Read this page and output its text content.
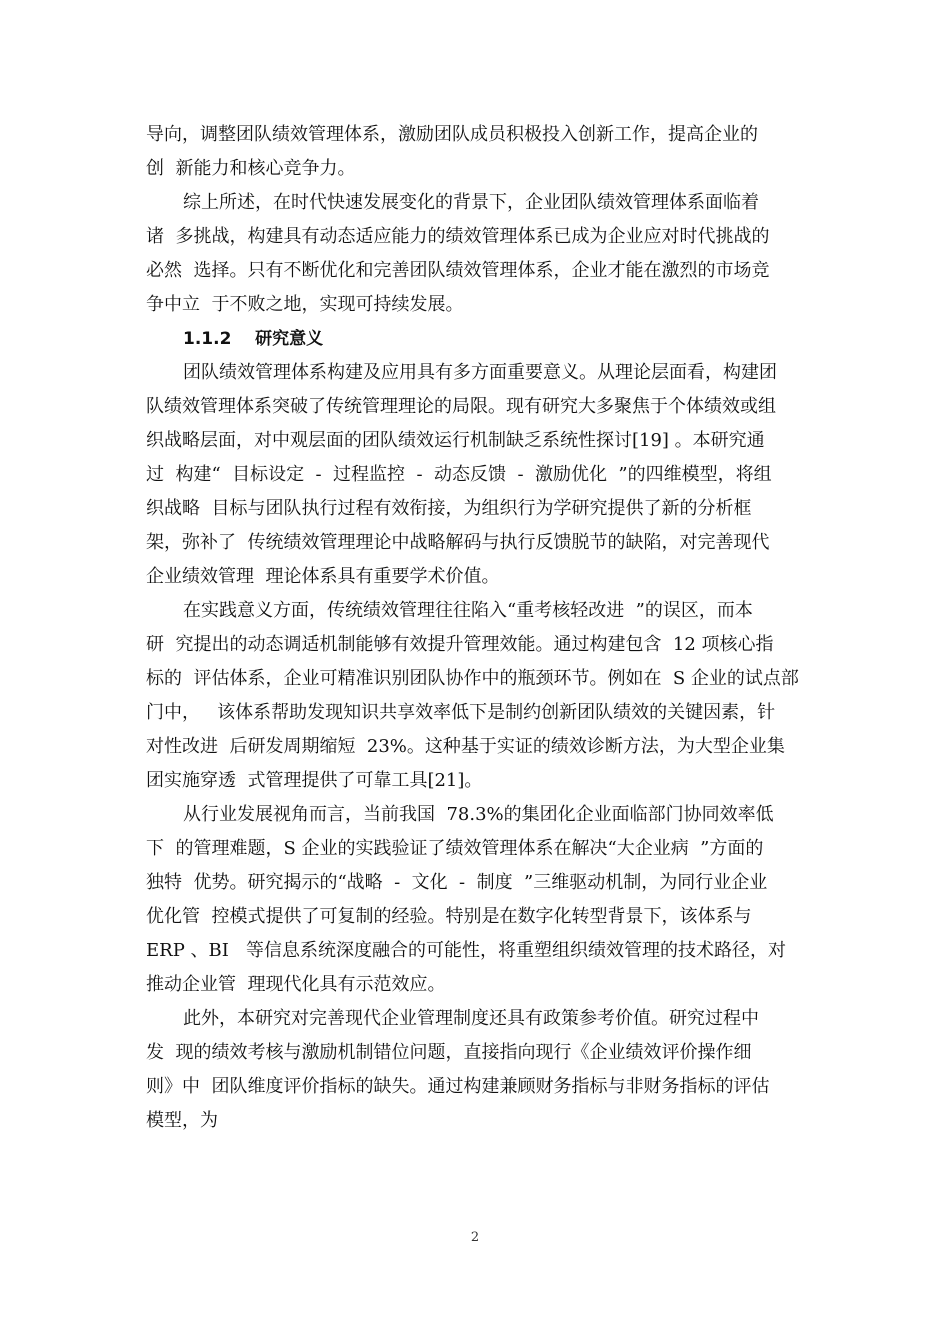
导向，调整团队绩效管理体系，激励团队成员积极投入创新工作，提高企业的
创  新能力和核心竞争力。
综上所述，在时代快速发展变化的背景下，企业团队绩效管理体系面临着
诸  多挑战，构建具有动态适应能力的绩效管理体系已成为企业应对时代挑战的
必然  选择。只有不断优化和完善团队绩效管理体系，企业才能在激烈的市场竞
争中立  于不败之地，实现可持续发展。
1.1.2    研究意义
团队绩效管理体系构建及应用具有多方面重要意义。从理论层面看，构建团
队绩效管理体系突破了传统管理理论的局限。现有研究大多聚焦于个体绩效或组
织战略层面，对中观层面的团队绩效运行机制缺乏系统性探讨[19] 。本研究通
过  构建“  目标设定  -  过程监控  -  动态反馈  -  激励优化  ”的四维模型，将组
织战略  目标与团队执行过程有效衔接，为组织行为学研究提供了新的分析框
架，弥补了  传统绩效管理理论中战略解码与执行反馈脱节的缺陷，对完善现代
企业绩效管理  理论体系具有重要学术价值。
在实践意义方面，传统绩效管理往往陷入“重考核轻改进  ”的误区，而本
研  究提出的动态调适机制能够有效提升管理效能。通过构建包含  12 项核心指
标的  评估体系，企业可精准识别团队协作中的瓶颈环节。例如在  S 企业的试点部
门中，   该体系帮助发现知识共享效率低下是制约创新团队绩效的关键因素，针
对性改进  后研发周期缩短  23%。这种基于实证的绩效诊断方法，为大型企业集
团实施穿透  式管理提供了可靠工具[21]。
从行业发展视角而言，当前我国  78.3%的集团化企业面临部门协同效率低
下  的管理难题，S 企业的实践验证了绩效管理体系在解决“大企业病  ”方面的
独特  优势。研究揭示的“战略  -  文化  -  制度  ”三维驱动机制，为同行业企业
优化管  控模式提供了可复制的经验。特别是在数字化转型背景下，该体系与
ERP 、BI   等信息系统深度融合的可能性，将重塑组织绩效管理的技术路径，对
推动企业管  理现代化具有示范效应。
此外，本研究对完善现代企业管理制度还具有政策参考价值。研究过程中
发  现的绩效考核与激励机制错位问题，直接指向现行《企业绩效评价操作细
则》中  团队维度评价指标的缺失。通过构建兼顾财务指标与非财务指标的评估
模型，为
2
